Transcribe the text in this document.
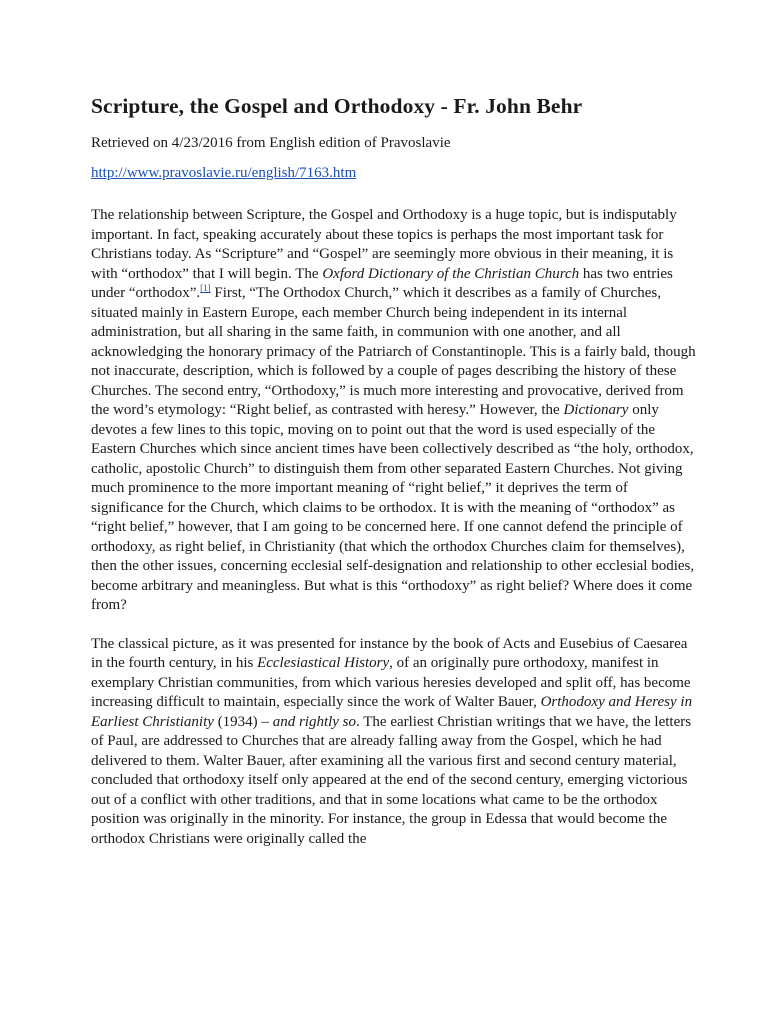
Scripture, the Gospel and Orthodoxy - Fr. John Behr

Retrieved on 4/23/2016 from English edition of Pravoslavie

http://www.pravoslavie.ru/english/7163.htm

The relationship between Scripture, the Gospel and Orthodoxy is a huge topic, but is indisputably important. In fact, speaking accurately about these topics is perhaps the most important task for Christians today. As “Scripture” and “Gospel” are seemingly more obvious in their meaning, it is with “orthodox” that I will begin. The Oxford Dictionary of the Christian Church has two entries under “orthodox”.[1] First, “The Orthodox Church,” which it describes as a family of Churches, situated mainly in Eastern Europe, each member Church being independent in its internal administration, but all sharing in the same faith, in communion with one another, and all acknowledging the honorary primacy of the Patriarch of Constantinople. This is a fairly bald, though not inaccurate, description, which is followed by a couple of pages describing the history of these Churches. The second entry, “Orthodoxy,” is much more interesting and provocative, derived from the word’s etymology: “Right belief, as contrasted with heresy.” However, the Dictionary only devotes a few lines to this topic, moving on to point out that the word is used especially of the Eastern Churches which since ancient times have been collectively described as “the holy, orthodox, catholic, apostolic Church” to distinguish them from other separated Eastern Churches. Not giving much prominence to the more important meaning of “right belief,” it deprives the term of significance for the Church, which claims to be orthodox. It is with the meaning of “orthodox” as “right belief,” however, that I am going to be concerned here. If one cannot defend the principle of orthodoxy, as right belief, in Christianity (that which the orthodox Churches claim for themselves), then the other issues, concerning ecclesial self-designation and relationship to other ecclesial bodies, become arbitrary and meaningless. But what is this “orthodoxy” as right belief? Where does it come from?

The classical picture, as it was presented for instance by the book of Acts and Eusebius of Caesarea in the fourth century, in his Ecclesiastical History, of an originally pure orthodoxy, manifest in exemplary Christian communities, from which various heresies developed and split off, has become increasing difficult to maintain, especially since the work of Walter Bauer, Orthodoxy and Heresy in Earliest Christianity (1934) – and rightly so. The earliest Christian writings that we have, the letters of Paul, are addressed to Churches that are already falling away from the Gospel, which he had delivered to them. Walter Bauer, after examining all the various first and second century material, concluded that orthodoxy itself only appeared at the end of the second century, emerging victorious out of a conflict with other traditions, and that in some locations what came to be the orthodox position was originally in the minority. For instance, the group in Edessa that would become the orthodox Christians were originally called the
